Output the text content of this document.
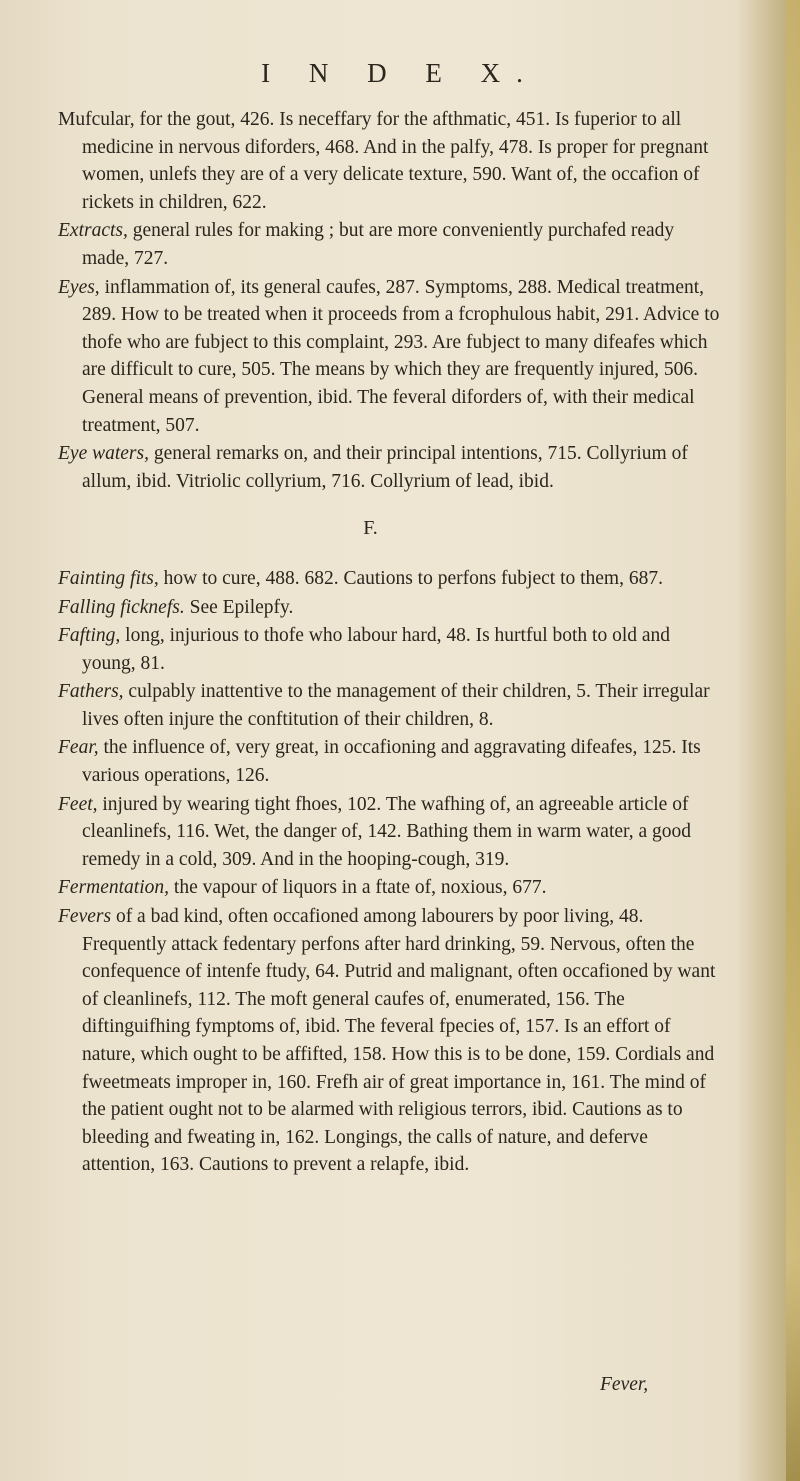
I N D E X.

Mufcular, for the gout, 426. Is neceffary for the afthmatic, 451. Is fuperior to all medicine in nervous diforders, 468. And in the palfy, 478. Is proper for pregnant women, unlefs they are of a very delicate texture, 590. Want of, the occafion of rickets in children, 622.

Extracts, general rules for making ; but are more conveniently purchafed ready made, 727.

Eyes, inflammation of, its general caufes, 287. Symptoms, 288. Medical treatment, 289. How to be treated when it proceeds from a fcrophulous habit, 291. Advice to thofe who are fubject to this complaint, 293. Are fubject to many difeafes which are difficult to cure, 505. The means by which they are frequently injured, 506. General means of prevention, ibid. The feveral diforders of, with their medical treatment, 507.

Eye waters, general remarks on, and their principal intentions, 715. Collyrium of allum, ibid. Vitriolic collyrium, 716. Collyrium of lead, ibid.

F.

Fainting fits, how to cure, 488. 682. Cautions to perfons fubject to them, 687.

Falling ficknefs. See Epilepfy.

Fafting, long, injurious to thofe who labour hard, 48. Is hurtful both to old and young, 81.

Fathers, culpably inattentive to the management of their children, 5. Their irregular lives often injure the conftitution of their children, 8.

Fear, the influence of, very great, in occafioning and aggravating difeafes, 125. Its various operations, 126.

Feet, injured by wearing tight fhoes, 102. The wafhing of, an agreeable article of cleanlinefs, 116. Wet, the danger of, 142. Bathing them in warm water, a good remedy in a cold, 309. And in the hooping-cough, 319.

Fermentation, the vapour of liquors in a ftate of, noxious, 677.

Fevers of a bad kind, often occafioned among labourers by poor living, 48. Frequently attack fedentary perfons after hard drinking, 59. Nervous, often the confequence of intenfe ftudy, 64. Putrid and malignant, often occafioned by want of cleanlinefs, 112. The moft general caufes of, enumerated, 156. The diftinguifhing fymptoms of, ibid. The feveral fpecies of, 157. Is an effort of nature, which ought to be affifted, 158. How this is to be done, 159. Cordials and fweetmeats improper in, 160. Frefh air of great importance in, 161. The mind of the patient ought not to be alarmed with religious terrors, ibid. Cautions as to bleeding and fweating in, 162. Longings, the calls of nature, and deferve attention, 163. Cautions to prevent a relapfe, ibid.

Fever,
